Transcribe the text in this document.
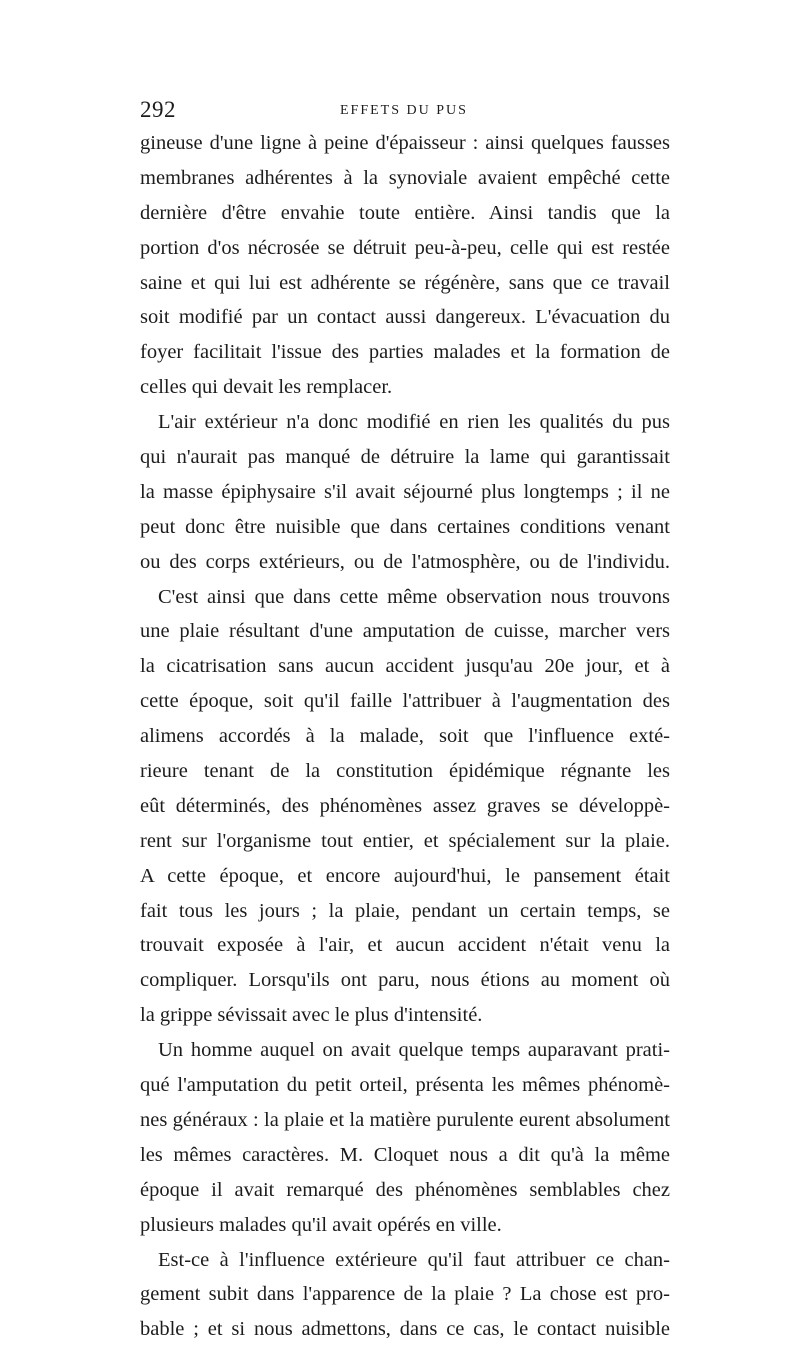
292	EFFETS DU PUS
gineuse d'une ligne à peine d'épaisseur : ainsi quelques fausses
membranes adhérentes à la synoviale avaient empêché cette
dernière d'être envahie toute entière. Ainsi tandis que la
portion d'os nécrosée se détruit peu-à-peu, celle qui est restée
saine et qui lui est adhérente se régénère, sans que ce travail
soit modifié par un contact aussi dangereux. L'évacuation du
foyer facilitait l'issue des parties malades et la formation de
celles qui devait les remplacer.
L'air extérieur n'a donc modifié en rien les qualités du pus
qui n'aurait pas manqué de détruire la lame qui garantissait
la masse épiphysaire s'il avait séjourné plus longtemps ; il ne
peut donc être nuisible que dans certaines conditions venant
ou des corps extérieurs, ou de l'atmosphère, ou de l'individu.
C'est ainsi que dans cette même observation nous trouvons
une plaie résultant d'une amputation de cuisse, marcher vers
la cicatrisation sans aucun accident jusqu'au 20e jour, et à
cette époque, soit qu'il faille l'attribuer à l'augmentation des
alimens accordés à la malade, soit que l'influence exté-
rieure tenant de la constitution épidémique régnante les
eût déterminés, des phénomènes assez graves se développè-
rent sur l'organisme tout entier, et spécialement sur la plaie.
A cette époque, et encore aujourd'hui, le pansement était
fait tous les jours ; la plaie, pendant un certain temps, se
trouvait exposée à l'air, et aucun accident n'était venu la
compliquer. Lorsqu'ils ont paru, nous étions au moment où
la grippe sévissait avec le plus d'intensité.
Un homme auquel on avait quelque temps auparavant prati-
qué l'amputation du petit orteil, présenta les mêmes phénomè-
nes généraux : la plaie et la matière purulente eurent absolument
les mêmes caractères. M. Cloquet nous a dit qu'à la même
époque il avait remarqué des phénomènes semblables chez
plusieurs malades qu'il avait opérés en ville.
Est-ce à l'influence extérieure qu'il faut attribuer ce chan-
gement subit dans l'apparence de la plaie ? La chose est pro-
bable ; et si nous admettons, dans ce cas, le contact nuisible
